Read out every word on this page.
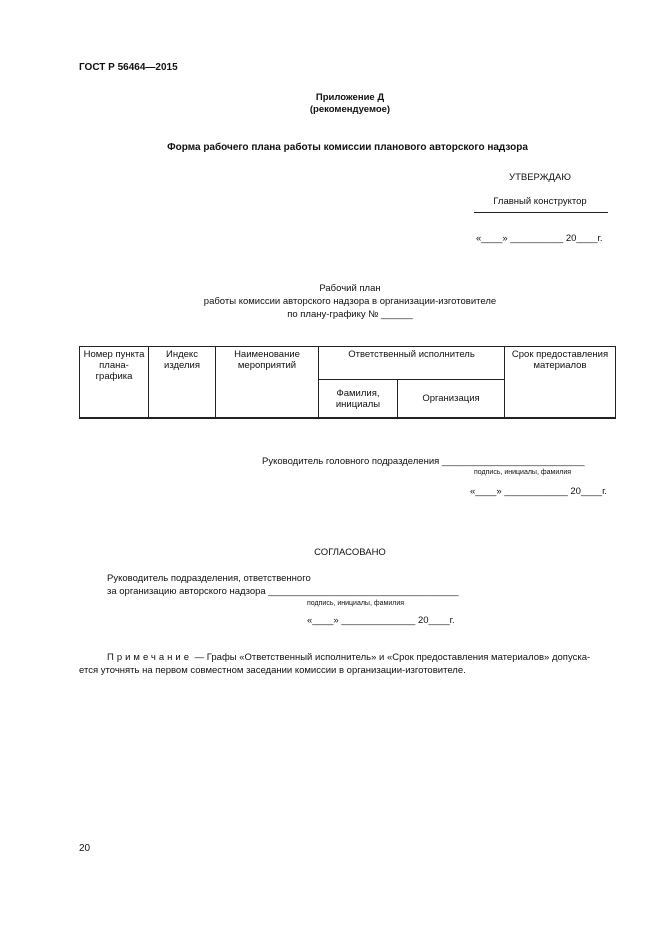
ГОСТ Р 56464—2015
Приложение Д
(рекомендуемое)
Форма рабочего плана работы комиссии планового авторского надзора
УТВЕРЖДАЮ
Главный конструктор
«____» __________ 20____г.
Рабочий план
работы комиссии авторского надзора в организации-изготовителе
по плану-графику № ______
Номер пункта плана-графика	Индекс изделия	Наименование мероприятий	Ответственный исполнитель		Срок предоставления материалов
			Фамилия, инициалы	Организация	
Руководитель головного подразделения ___________________________
подпись, инициалы, фамилия
«____» ____________ 20____г.
СОГЛАСОВАНО
Руководитель подразделения, ответственного
за организацию авторского надзора ____________________________________
подпись, инициалы, фамилия
«____» ______________ 20____г.
Примечание — Графы «Ответственный исполнитель» и «Срок предоставления материалов» допуска-
ется уточнять на первом совместном заседании комиссии в организации-изготовителе.
20
